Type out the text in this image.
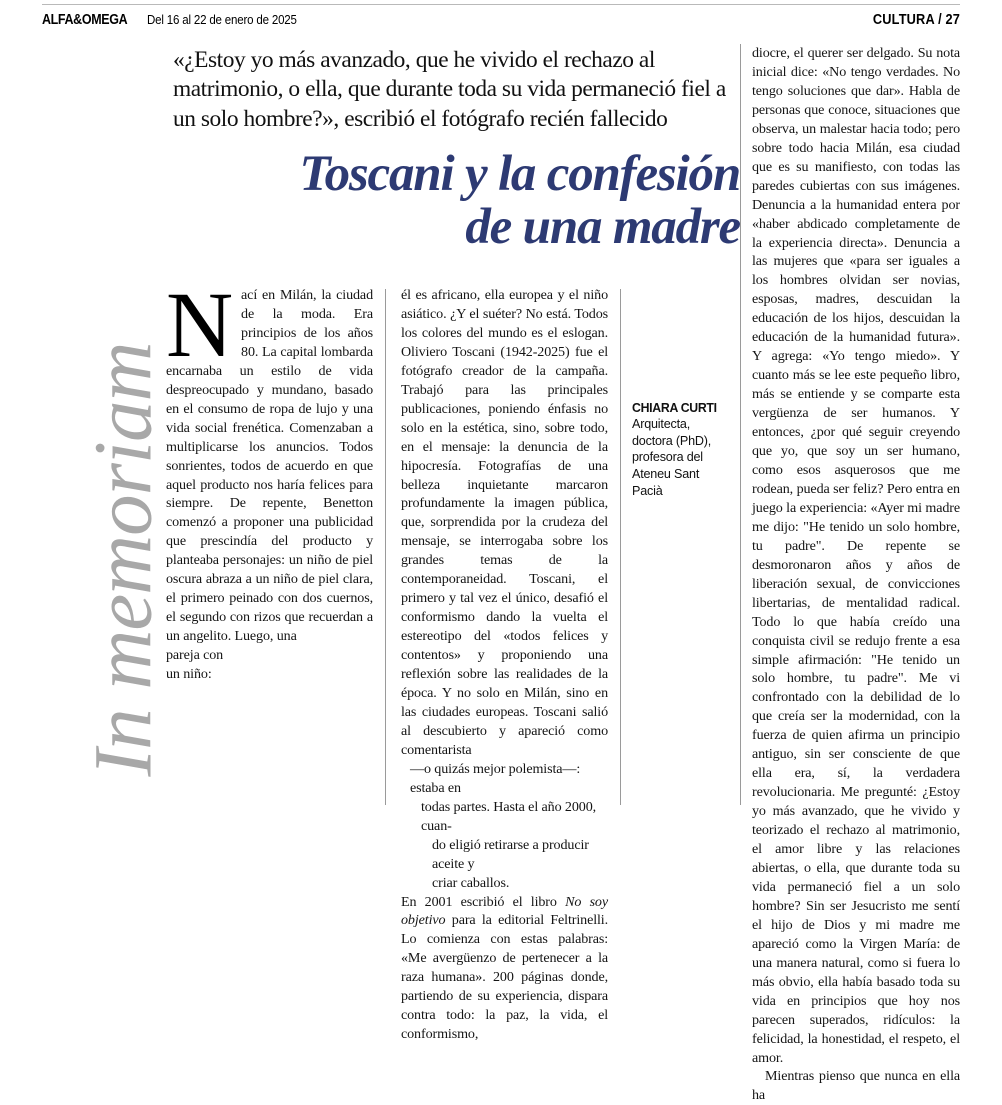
ALFA&OMEGA Del 16 al 22 de enero de 2025	CULTURA / 27
In memoriam
«¿Estoy yo más avanzado, que he vivido el rechazo al matrimonio, o ella, que durante toda su vida permaneció fiel a un solo hombre?», escribió el fotógrafo recién fallecido
Toscani y la confesión
de una madre

Nací en Milán, la ciudad de la moda. Era principios de los años 80. La capital lombarda encarnaba un estilo de vida despreocupado y mundano, basado en el consumo de ropa de lujo y una vida social frenética. Comenzaban a multiplicarse los anuncios. Todos sonrientes, todos de acuerdo en que aquel producto nos haría felices para siempre. De repente, Benetton comenzó a proponer una publicidad que prescindía del producto y planteaba personajes: un niño de piel oscura abraza a un niño de piel clara, el primero peinado con dos cuernos, el segundo con rizos que recuerdan a un angelito. Luego, una

pareja con
un niño:

él es africano, ella europea y el niño asiático. ¿Y el suéter? No está. Todos los colores del mundo es el eslogan. Oliviero Toscani (1942-2025) fue el fotógrafo creador de la campaña. Trabajó para las principales publicaciones, poniendo énfasis no solo en la estética, sino, sobre todo, en el mensaje: la denuncia de la hipocresía. Fotografías de una belleza inquietante marcaron profundamente la imagen pública, que, sorprendida por la crudeza del mensaje, se interrogaba sobre los grandes temas de la contemporaneidad. Toscani, el primero y tal vez el único, desafió el conformismo dando la vuelta el estereotipo del «todos felices y contentos» y proponiendo una reflexión sobre las realidades de la época. Y no solo en Milán, sino en las ciudades europeas. Toscani salió al descubierto y apareció como comentarista

—o quizás mejor polemista—: estaba en
todas partes. Hasta el año 2000, cuan-
do eligió retirarse a producir aceite y
criar caballos.

En 2001 escribió el libro No soy objetivo para la editorial Feltrinelli. Lo comienza con estas palabras: «Me avergüenzo de pertenecer a la raza humana». 200 páginas donde, partiendo de su experiencia, dispara contra todo: la paz, la vida, el conformismo,

CHIARA CURTI
Arquitecta, doctora (PhD), profesora del Ateneu Sant Pacià

diocre, el querer ser delgado. Su nota inicial dice: «No tengo verdades. No tengo soluciones que dar». Habla de personas que conoce, situaciones que observa, un malestar hacia todo; pero sobre todo hacia Milán, esa ciudad que es su manifiesto, con todas las paredes cubiertas con sus imágenes. Denuncia a la humanidad entera por «haber abdicado completamente de la experiencia directa». Denuncia a las mujeres que «para ser iguales a los hombres olvidan ser novias, esposas, madres, descuidan la educación de los hijos, descuidan la educación de la humanidad futura». Y agrega: «Yo tengo miedo». Y cuanto más se lee este pequeño libro, más se entiende y se comparte esta vergüenza de ser humanos. Y entonces, ¿por qué seguir creyendo que yo, que soy un ser humano, como esos asquerosos que me rodean, pueda ser feliz? Pero entra en juego la experiencia: «Ayer mi madre me dijo: "He tenido un solo hombre, tu padre". De repente se desmoronaron años y años de liberación sexual, de convicciones libertarias, de mentalidad radical. Todo lo que había creído una conquista civil se redujo frente a esa simple afirmación: "He tenido un solo hombre, tu padre". Me vi confrontado con la debilidad de lo que creía ser la modernidad, con la fuerza de quien afirma un principio antiguo, sin ser consciente de que ella era, sí, la verdadera revolucionaria. Me pregunté: ¿Estoy yo más avanzado, que he vivido y teorizado el rechazo al matrimonio, el amor libre y las relaciones abiertas, o ella, que durante toda su vida permaneció fiel a un solo hombre? Sin ser Jesucristo me sentí el hijo de Dios y mi madre me apareció como la Virgen María: de una manera natural, como si fuera lo más obvio, ella había basado toda su vida en principios que hoy nos parecen superados, ridículos: la felicidad, la honestidad, el respeto, el amor.

Mientras pienso que nunca en ella ha
